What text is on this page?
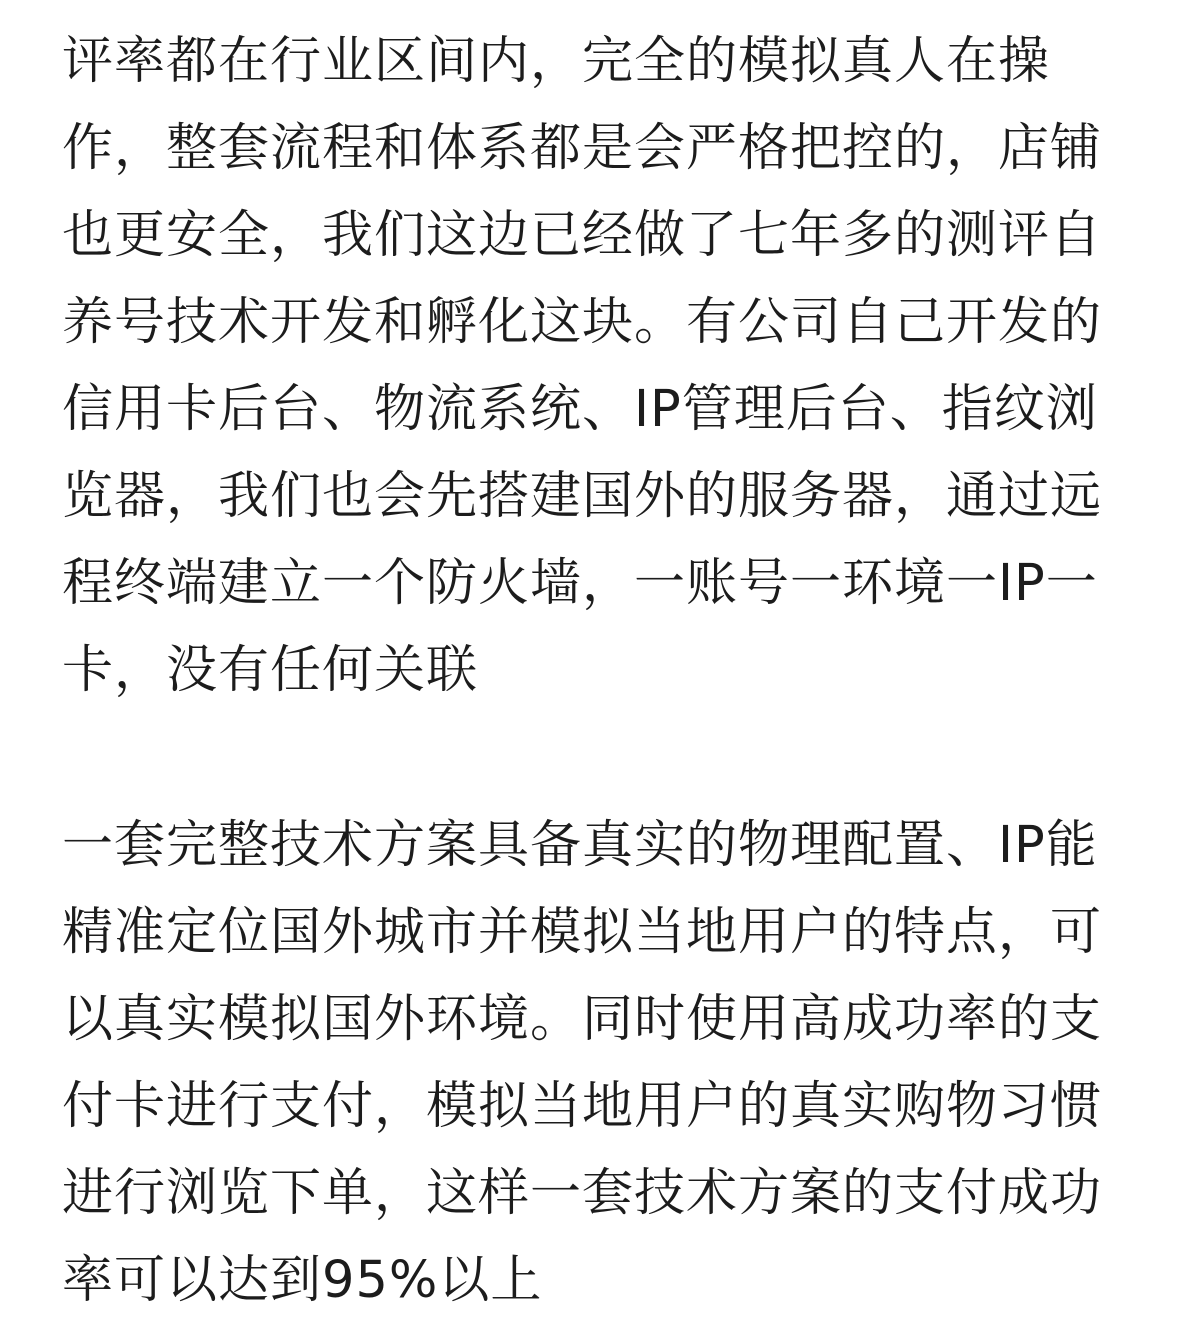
评率都在行业区间内，完全的模拟真人在操
作，整套流程和体系都是会严格把控的，店铺
也更安全，我们这边已经做了七年多的测评自
养号技术开发和孵化这块。有公司自己开发的
信用卡后台、物流系统、IP管理后台、指纹浏
览器，我们也会先搭建国外的服务器，通过远
程终端建立一个防火墙，一账号一环境一IP一
卡，没有任何关联
一套完整技术方案具备真实的物理配置、IP能
精准定位国外城市并模拟当地用户的特点，可
以真实模拟国外环境。同时使用高成功率的支
付卡进行支付，模拟当地用户的真实购物习惯
进行浏览下单，这样一套技术方案的支付成功
率可以达到95%以上
